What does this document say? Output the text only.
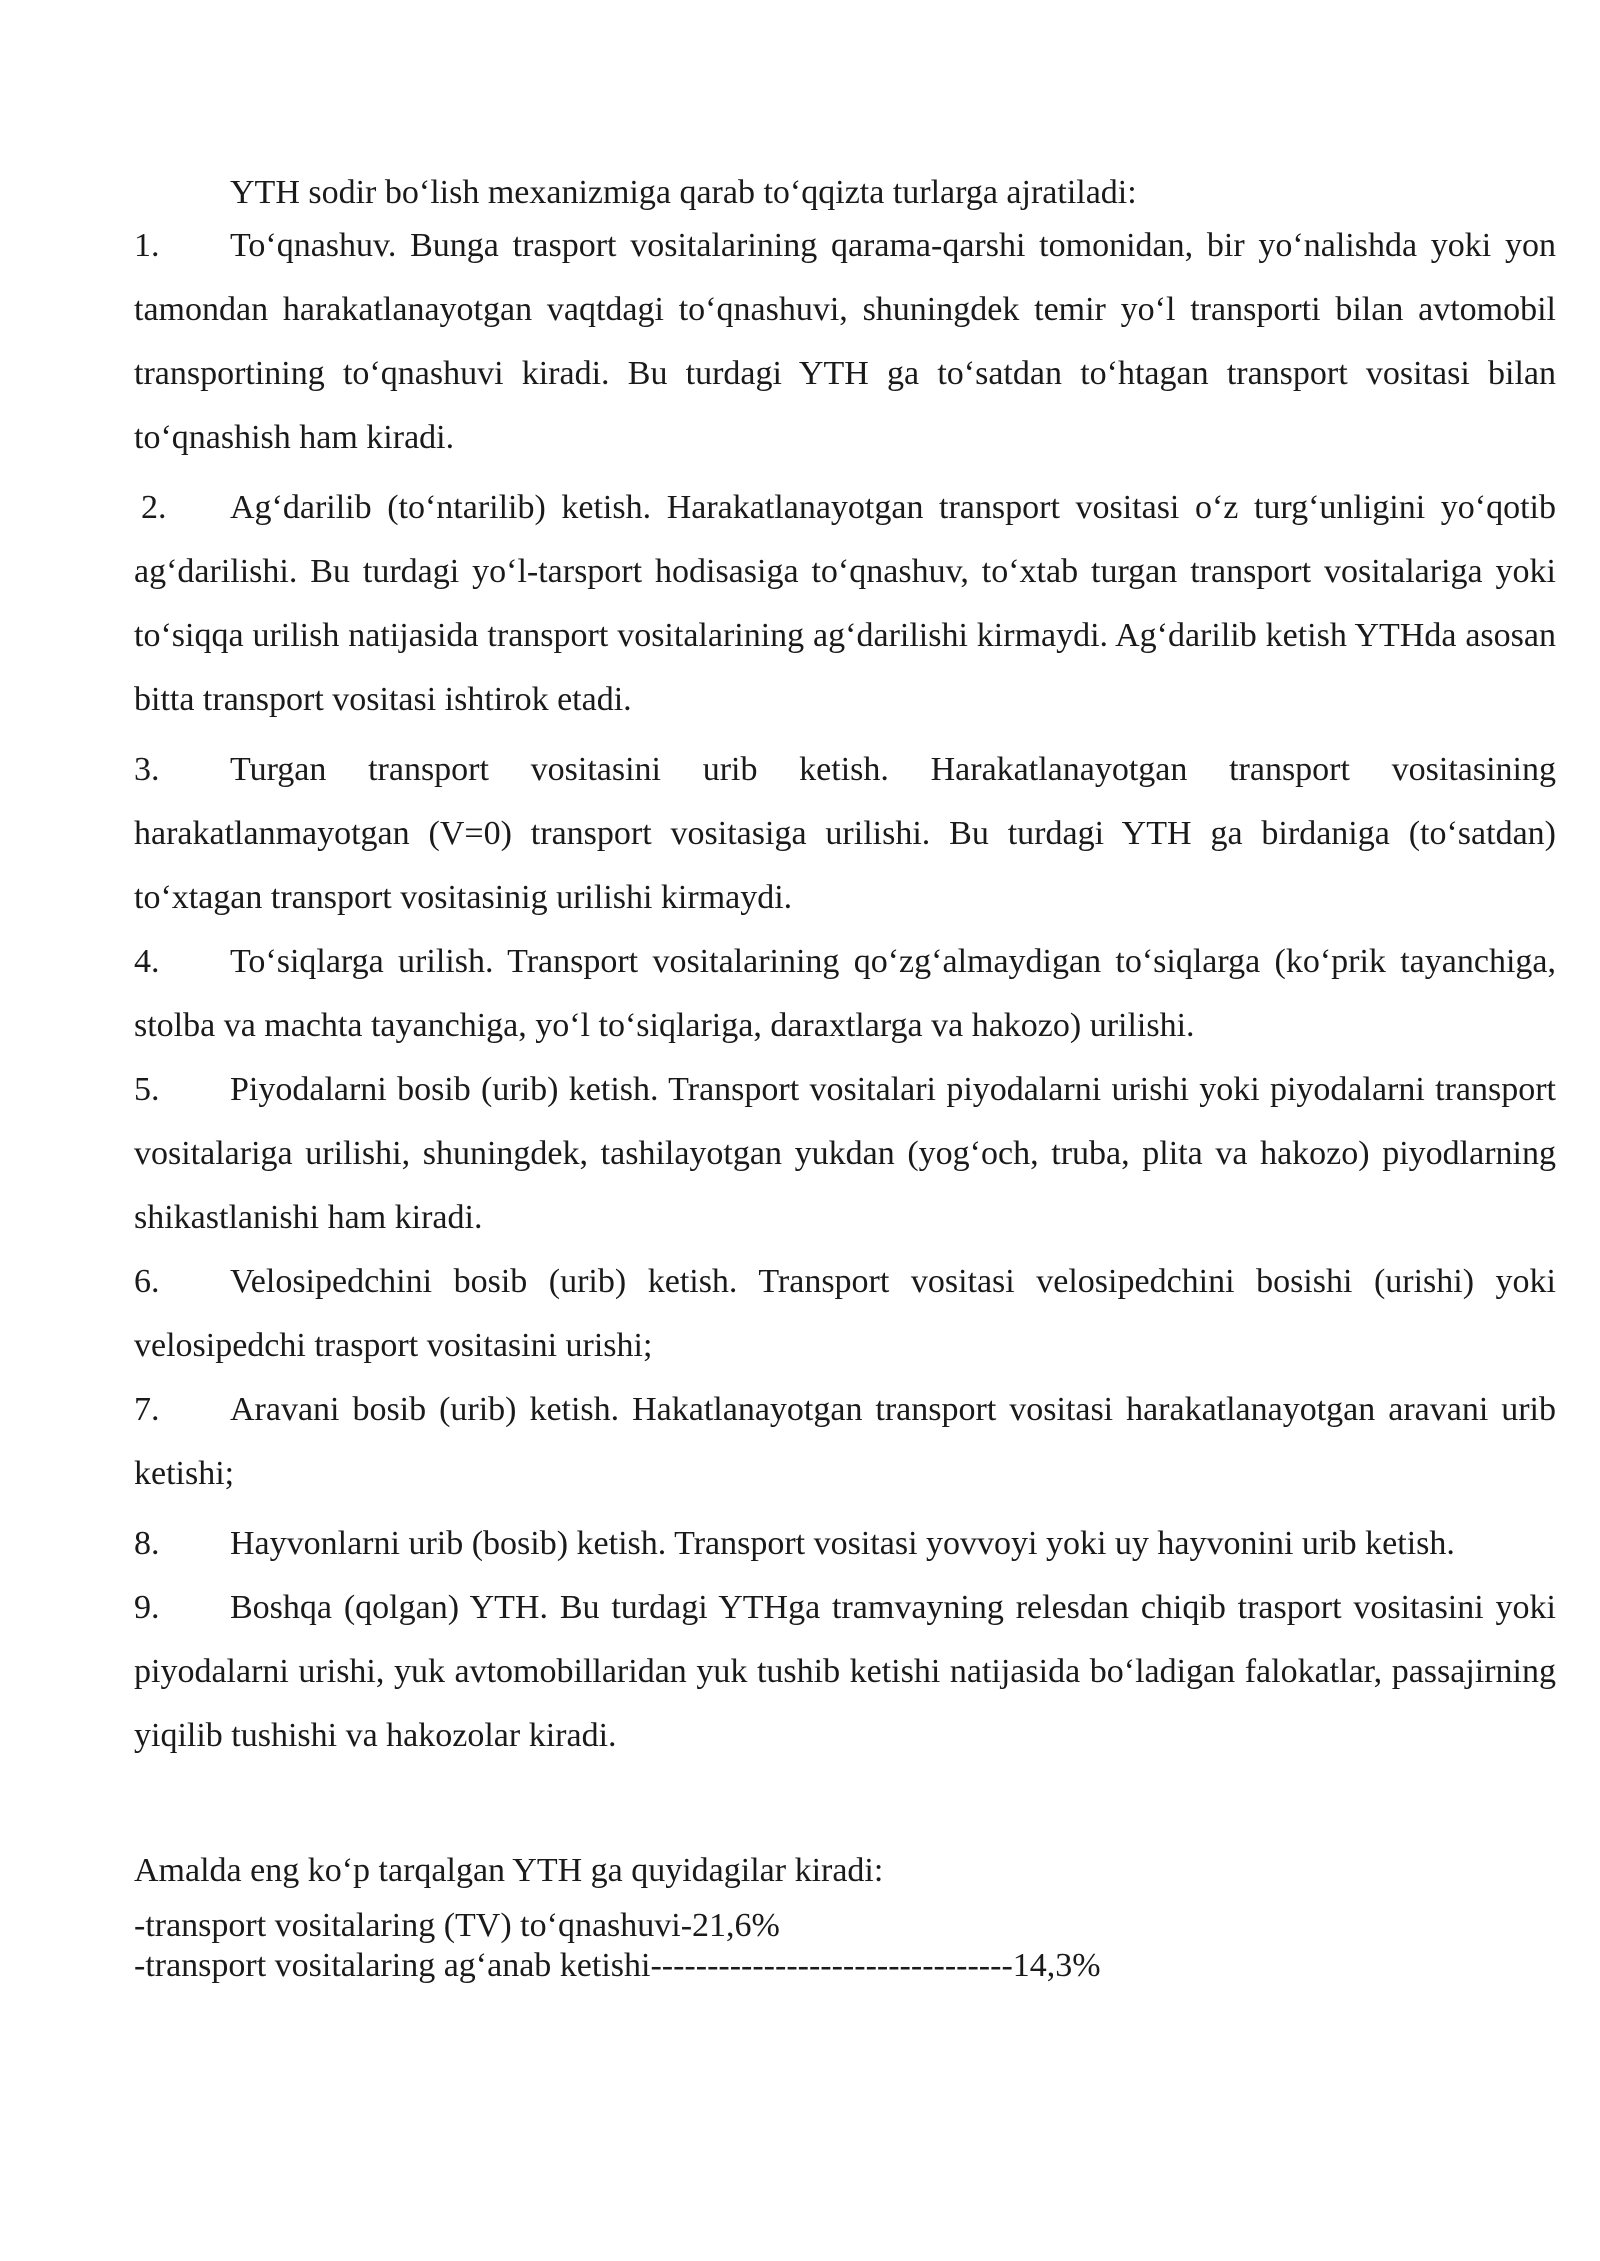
YTH sodir boʻlish mexanizmiga qarab toʻqqizta turlarga ajratiladi:

1. Toʻqnashuv. Bunga trasport vositalarining qarama-qarshi tomonidan, bir yoʻnalishda yoki yon tamondan harakatlanayotgan vaqtdagi toʻqnashuvi, shuningdek temir yoʻl transporti bilan avtomobil transportining toʻqnashuvi kiradi. Bu turdagi YTH ga toʻsatdan toʻhtagan transport vositasi bilan toʻqnashish ham kiradi.

2. Agʻdarilib (toʻntarilib) ketish. Harakatlanayotgan transport vositasi oʻz turgʻunligini yoʻqotib agʻdarilishi. Bu turdagi yoʻl-tarsport hodisasiga toʻqnashuv, toʻxtab turgan transport vositalariga yoki toʻsiqqa urilish natijasida transport vositalarining agʻdarilishi kirmaydi. Agʻdarilib ketish YTHda asosan bitta transport vositasi ishtirok etadi.

3. Turgan transport vositasini urib ketish. Harakatlanayotgan transport vositasining harakatlanmayotgan (V=0) transport vositasiga urilishi. Bu turdagi YTH ga birdaniga (toʻsatdan) toʻxtagan transport vositasinig urilishi kirmaydi.

4. Toʻsiqlarga urilish. Transport vositalarining qoʻzgʻalmaydigan toʻsiqlarga (koʻprik tayanchiga, stolba va machta tayanchiga, yoʻl toʻsiqlariga, daraxtlarga va hakozo) urilishi.

5. Piyodalarni bosib (urib) ketish. Transport vositalari piyodalarni urishi yoki piyodalarni transport vositalariga urilishi, shuningdek, tashilayotgan yukdan (yogʻoch, truba, plita va hakozo) piyodlarning shikastlanishi ham kiradi.

6. Velosipedchini bosib (urib) ketish. Transport vositasi velosipedchini bosishi (urishi) yoki velosipedchi trasport vositasini urishi;

7. Aravani bosib (urib) ketish. Hakatlanayotgan transport vositasi harakatlanayotgan aravani urib ketishi;

8. Hayvonlarni urib (bosib) ketish. Transport vositasi yovvoyi yoki uy hayvonini urib ketish.

9. Boshqa (qolgan) YTH. Bu turdagi YTHga tramvayning relesdan chiqib trasport vositasini yoki piyodalarni urishi, yuk avtomobillaridan yuk tushib ketishi natijasida boʻladigan falokatlar, passajirning yiqilib tushishi va hakozolar kiradi.

Amalda eng koʻp tarqalgan YTH ga quyidagilar kiradi:

-transport vositalaring (TV) toʻqnashuvi-21,6%

-transport vositalaring agʻanab ketishi--------------------------------14,3%
